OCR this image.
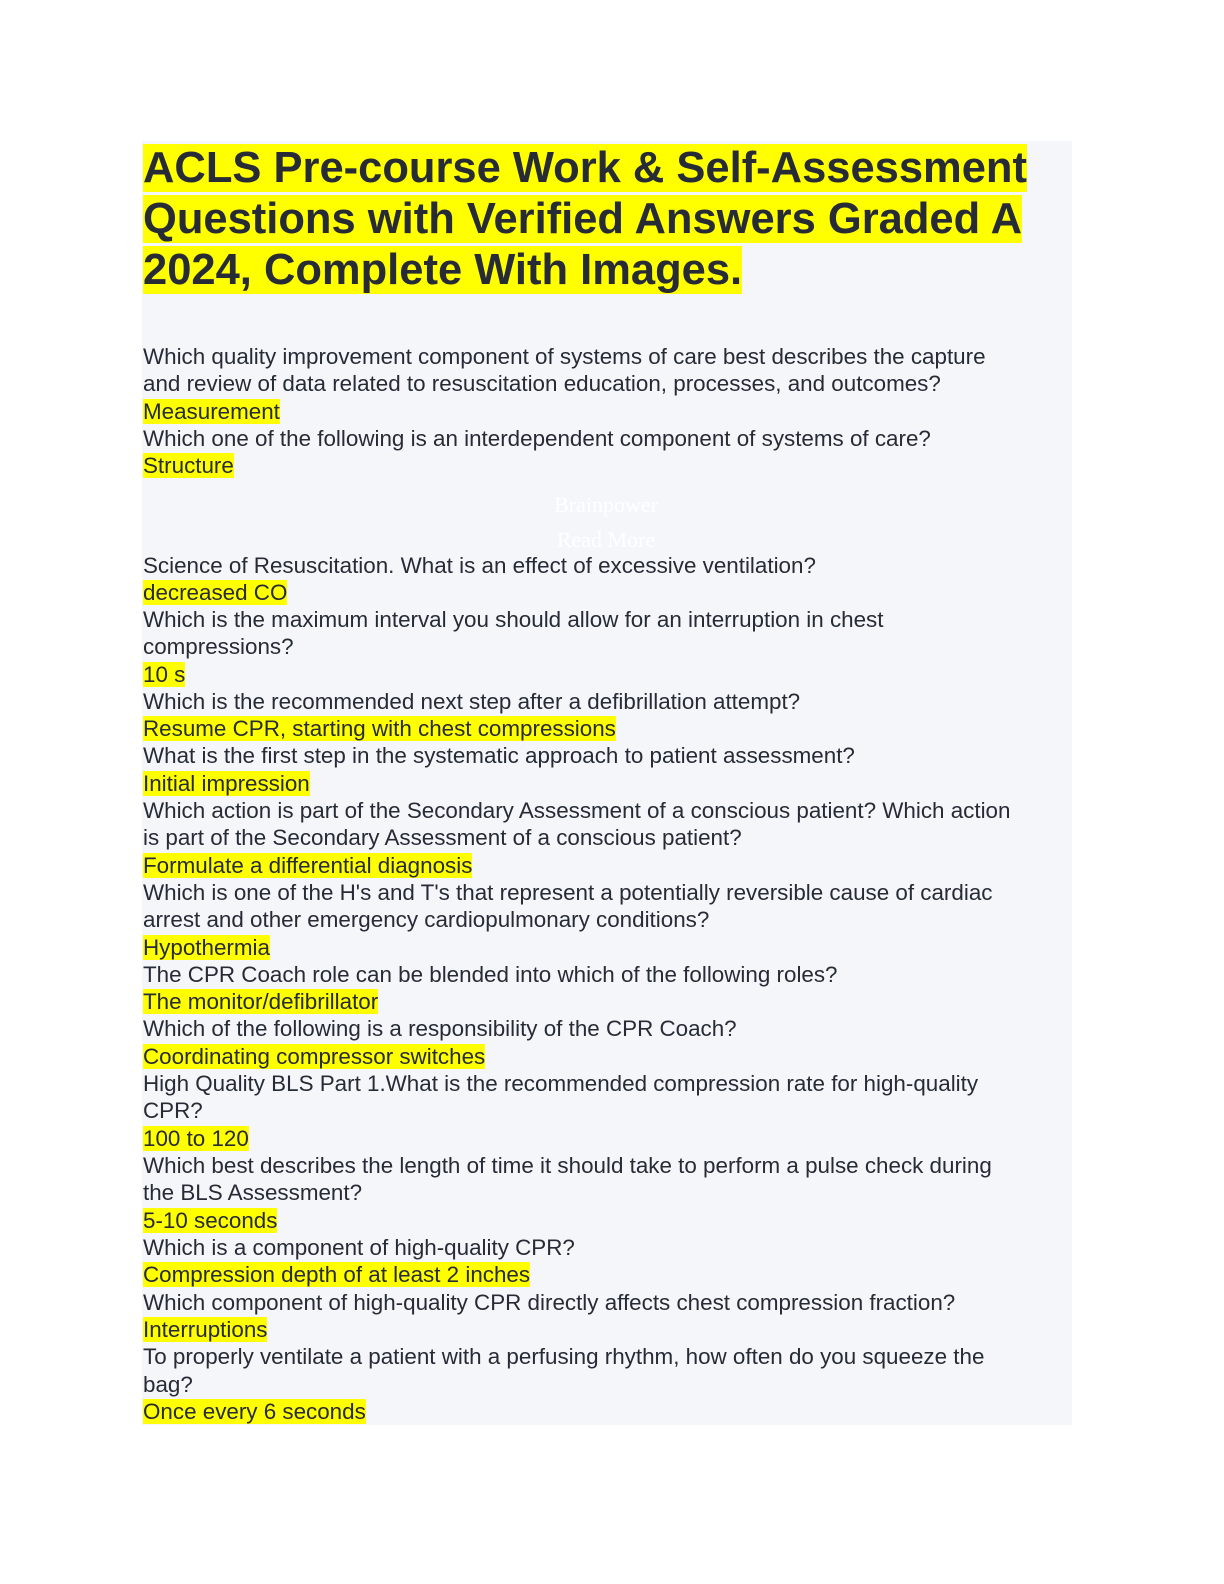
ACLS Pre-course Work & Self-Assessment Questions with Verified Answers Graded A 2024, Complete With Images.
Brainpower
Read More

Which quality improvement component of systems of care best describes the capture

and review of data related to resuscitation education, processes, and outcomes?

Measurement

Which one of the following is an interdependent component of systems of care?

Structure

Science of Resuscitation. What is an effect of excessive ventilation?

decreased CO

Which is the maximum interval you should allow for an interruption in chest

compressions?

10 s

Which is the recommended next step after a defibrillation attempt?

Resume CPR, starting with chest compressions

What is the first step in the systematic approach to patient assessment?

Initial impression

Which action is part of the Secondary Assessment of a conscious patient? Which action

is part of the Secondary Assessment of a conscious patient?

Formulate a differential diagnosis

Which is one of the H's and T's that represent a potentially reversible cause of cardiac

arrest and other emergency cardiopulmonary conditions?

Hypothermia

The CPR Coach role can be blended into which of the following roles?

The monitor/defibrillator

Which of the following is a responsibility of the CPR Coach?

Coordinating compressor switches

High Quality BLS Part 1.What is the recommended compression rate for high-quality

CPR?

100 to 120

Which best describes the length of time it should take to perform a pulse check during

the BLS Assessment?

5-10 seconds

Which is a component of high-quality CPR?

Compression depth of at least 2 inches

Which component of high-quality CPR directly affects chest compression fraction?

Interruptions

To properly ventilate a patient with a perfusing rhythm, how often do you squeeze the

bag?

Once every 6 seconds
